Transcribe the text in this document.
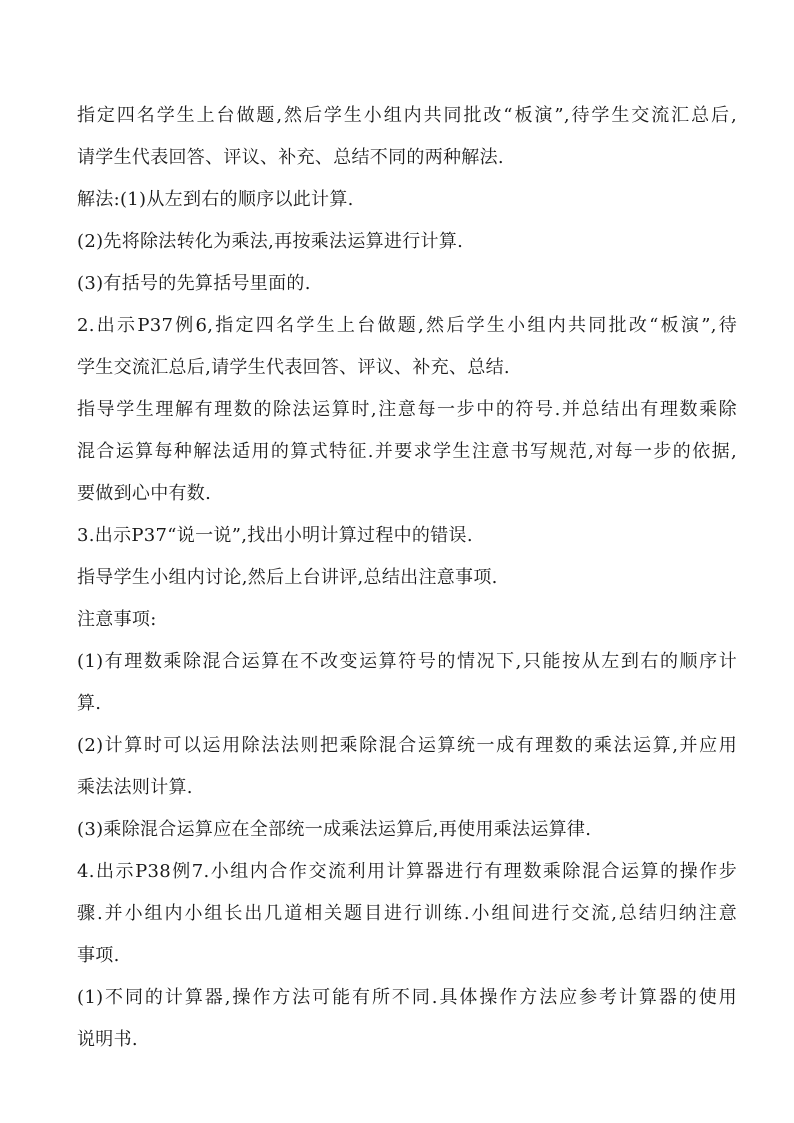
指定四名学生上台做题,然后学生小组内共同批改“板演”,待学生交流汇总后,
请学生代表回答、评议、补充、总结不同的两种解法.
解法:(1)从左到右的顺序以此计算.
(2)先将除法转化为乘法,再按乘法运算进行计算.
(3)有括号的先算括号里面的.
2.出示P37例6,指定四名学生上台做题,然后学生小组内共同批改“板演”,待
学生交流汇总后,请学生代表回答、评议、补充、总结.
指导学生理解有理数的除法运算时,注意每一步中的符号.并总结出有理数乘除
混合运算每种解法适用的算式特征.并要求学生注意书写规范,对每一步的依据,
要做到心中有数.
3.出示P37“说一说”,找出小明计算过程中的错误.
指导学生小组内讨论,然后上台讲评,总结出注意事项.
注意事项:
(1)有理数乘除混合运算在不改变运算符号的情况下,只能按从左到右的顺序计
算.
(2)计算时可以运用除法法则把乘除混合运算统一成有理数的乘法运算,并应用
乘法法则计算.
(3)乘除混合运算应在全部统一成乘法运算后,再使用乘法运算律.
4.出示P38例7.小组内合作交流利用计算器进行有理数乘除混合运算的操作步
骤.并小组内小组长出几道相关题目进行训练.小组间进行交流,总结归纳注意
事项.
(1)不同的计算器,操作方法可能有所不同.具体操作方法应参考计算器的使用
说明书.
